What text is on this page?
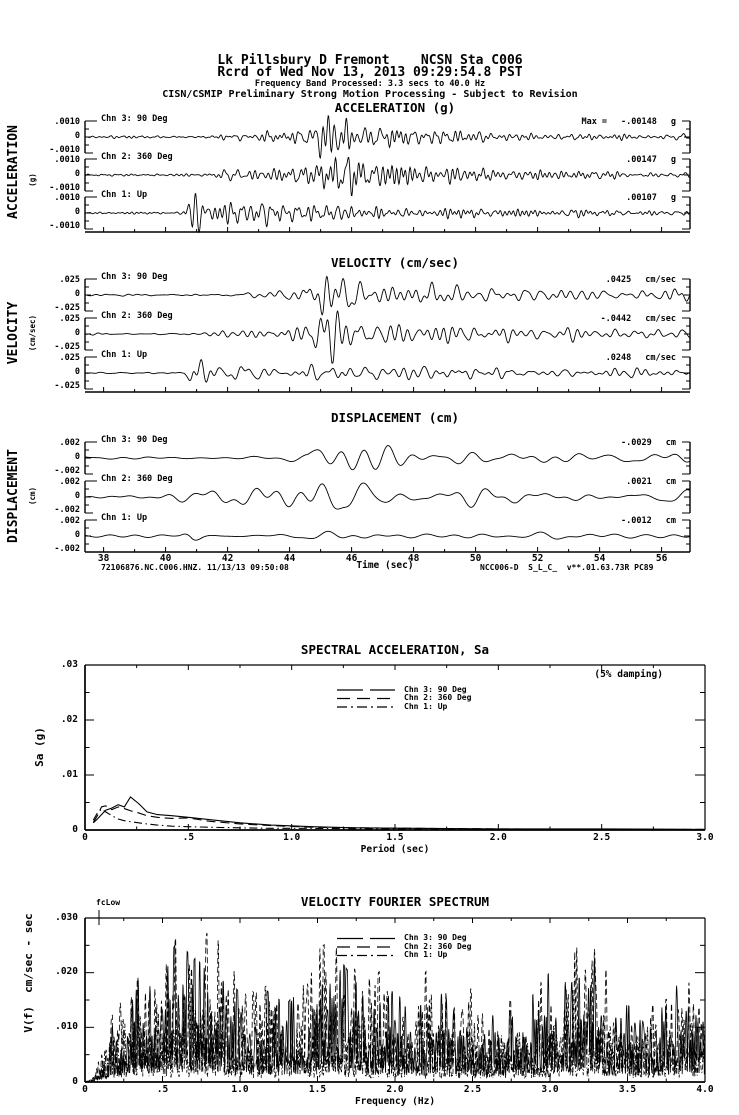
Lk Pillsbury D Fremont    NCSN Sta C006
Rcrd of Wed Nov 13, 2013 09:29:54.8 PST
Frequency Band Processed: 3.3 secs to 40.0 Hz
CISN/CSMIP Preliminary Strong Motion Processing - Subject to Revision
ACCELERATION (g)
VELOCITY (cm/sec)
DISPLACEMENT (cm)
SPECTRAL ACCELERATION, Sa
VELOCITY FOURIER SPECTRUM
ACCELERATION (g)
VELOCITY (cm/sec)
DISPLACEMENT (cm)
Sa (g)
V(f)  cm/sec - sec
Time (sec)
72106876.NC.C006.HNZ. 11/13/13 09:50:08	NCC006-D  S_L_C_  v**.01.63.73R PC89
(5% damping)
Period (sec)
fcLow
Frequency (Hz)
Chn 3: 90 Deg
.0010
0
-.0010
Max = -.00148 g
Chn 2: 360 Deg
.0010
0
-.0010
.00147 g
Chn 1: Up
.0010
0
-.0010
.00107 g
Chn 3: 90 Deg
.025
0
-.025
.0425 cm/sec
Chn 2: 360 Deg
.025
0
-.025
-.0442 cm/sec
Chn 1: Up
.025
0
-.025
.0248 cm/sec
Chn 3: 90 Deg
.002
0
-.002
-.0029 cm
Chn 2: 360 Deg
.002
0
-.002
.0021 cm
Chn 1: Up
.002
0
-.002
-.0012 cm
38	40	42	44	46	48	50	52	54	56
.03
.02
.01
0
0	.5	1.0	1.5	2.0	2.5	3.0
Chn 3: 90 Deg
Chn 2: 360 Deg
Chn 1: Up
.030
.020
.010
0
0	.5	1.0	1.5	2.0	2.5	3.0	3.5	4.0
Chn 3: 90 Deg
Chn 2: 360 Deg
Chn 1: Up
